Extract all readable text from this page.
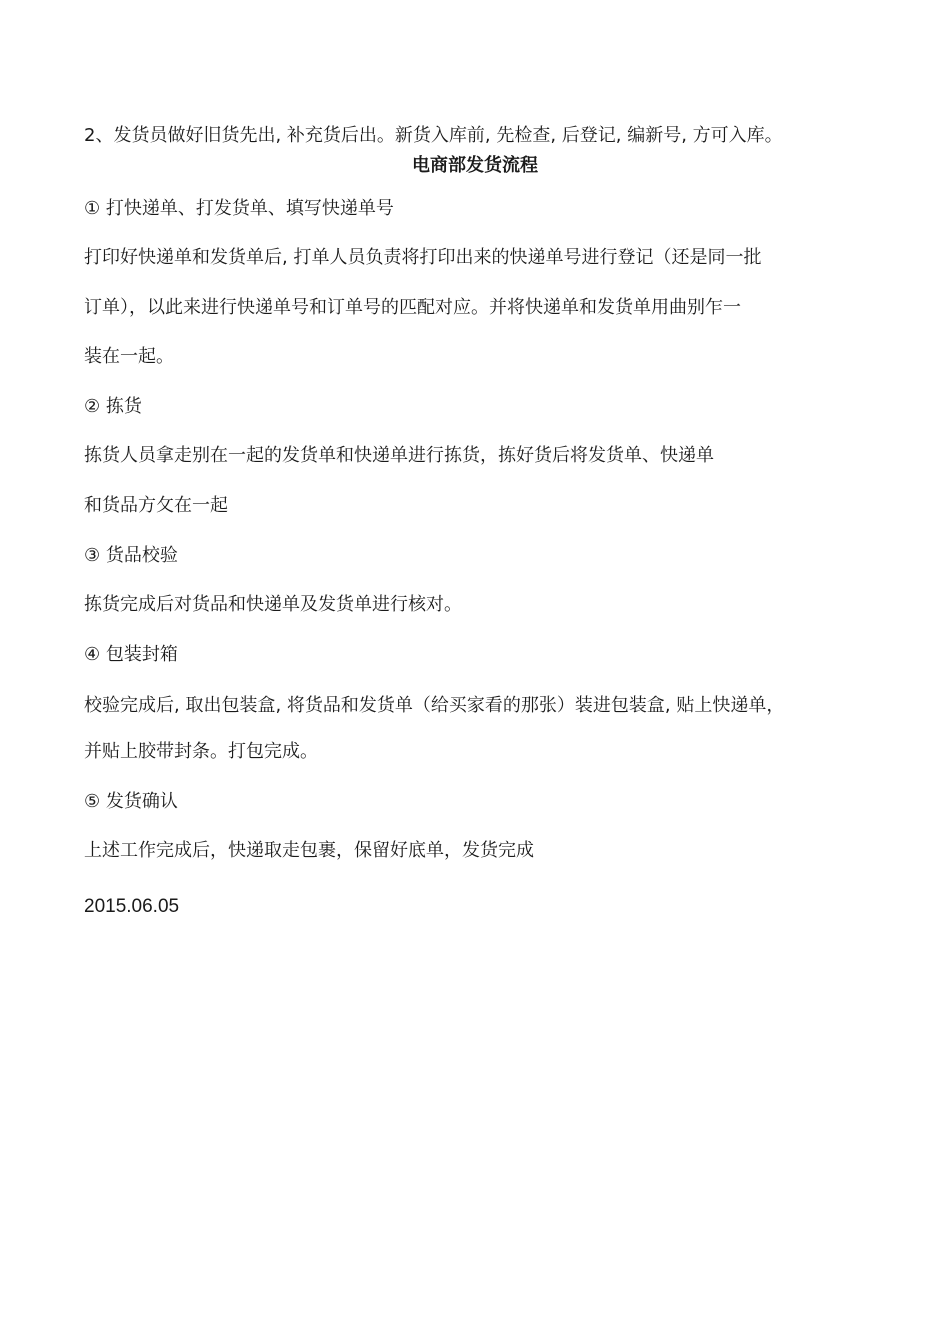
2、发货员做好旧货先出, 补充货后出。新货入库前, 先检查, 后登记, 编新号, 方可入库。
电商部发货流程
① 打快递单、打发货单、填写快递单号
打印好快递单和发货单后, 打单人员负责将打印出来的快递单号进行登记（还是同一批
订单），以此来进行快递单号和订单号的匹配对应。并将快递单和发货单用曲别乍一
装在一起。
② 拣货
拣货人员拿走别在一起的发货单和快递单进行拣货，拣好货后将发货单、快递单
和货品方攵在一起
③ 货品校验
拣货完成后对货品和快递单及发货单进行核对。
④ 包装封箱
校验完成后, 取出包装盒, 将货品和发货单（给买家看的那张）装进包装盒, 贴上快递单，
并贴上胶带封条。打包完成。
⑤ 发货确认
上述工作完成后，快递取走包裹，保留好底单，发货完成
2015.06.05
